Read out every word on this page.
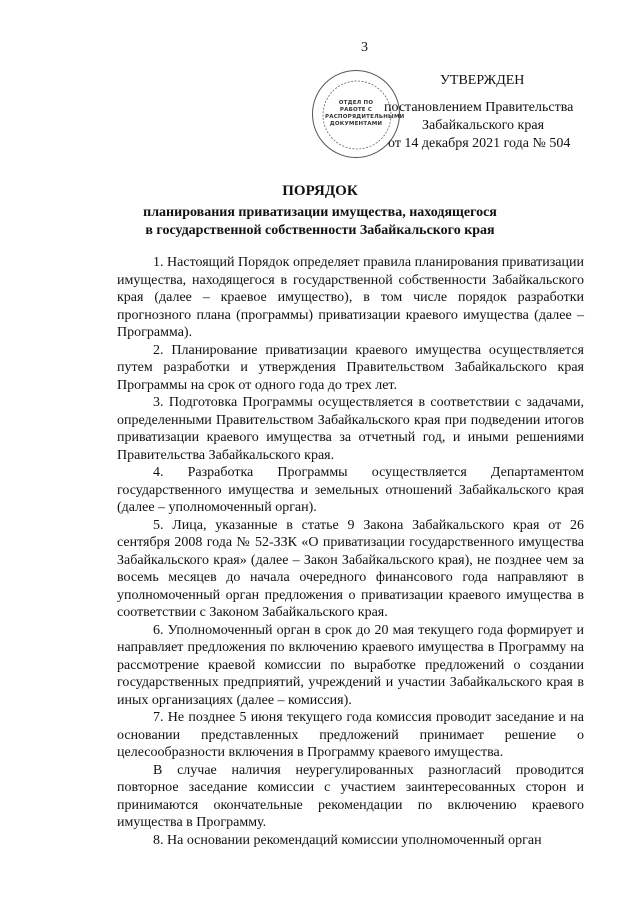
3
ОТДЕЛ ПО РАБОТЕ С РАСПОРЯДИТЕЛЬНЫМИ ДОКУМЕНТАМИ
УТВЕРЖДЕН
постановлением Правительства
Забайкальского края
от 14 декабря 2021 года № 504
ПОРЯДОК
планирования приватизации имущества, находящегося
в государственной собственности Забайкальского края

1. Настоящий Порядок определяет правила планирования приватизации имущества, находящегося в государственной собственности Забайкальского края (далее – краевое имущество), в том числе порядок разработки прогнозного плана (программы) приватизации краевого имущества (далее – Программа).

2. Планирование приватизации краевого имущества осуществляется путем разработки и утверждения Правительством Забайкальского края Программы на срок от одного года до трех лет.

3. Подготовка Программы осуществляется в соответствии с задачами, определенными Правительством Забайкальского края при подведении итогов приватизации краевого имущества за отчетный год, и иными решениями Правительства Забайкальского края.

4. Разработка Программы осуществляется Департаментом государственного имущества и земельных отношений Забайкальского края (далее – уполномоченный орган).

5. Лица, указанные в статье 9 Закона Забайкальского края от 26 сентября 2008 года № 52-ЗЗК «О приватизации государственного имущества Забайкальского края» (далее – Закон Забайкальского края), не позднее чем за восемь месяцев до начала очередного финансового года направляют в уполномоченный орган предложения о приватизации краевого имущества в соответствии с Законом Забайкальского края.

6. Уполномоченный орган в срок до 20 мая текущего года формирует и направляет предложения по включению краевого имущества в Программу на рассмотрение краевой комиссии по выработке предложений о создании государственных предприятий, учреждений и участии Забайкальского края в иных организациях (далее – комиссия).

7. Не позднее 5 июня текущего года комиссия проводит заседание и на основании представленных предложений принимает решение о целесообразности включения в Программу краевого имущества.

В случае наличия неурегулированных разногласий проводится повторное заседание комиссии с участием заинтересованных сторон и принимаются окончательные рекомендации по включению краевого имущества в Программу.

8. На основании рекомендаций комиссии уполномоченный орган
